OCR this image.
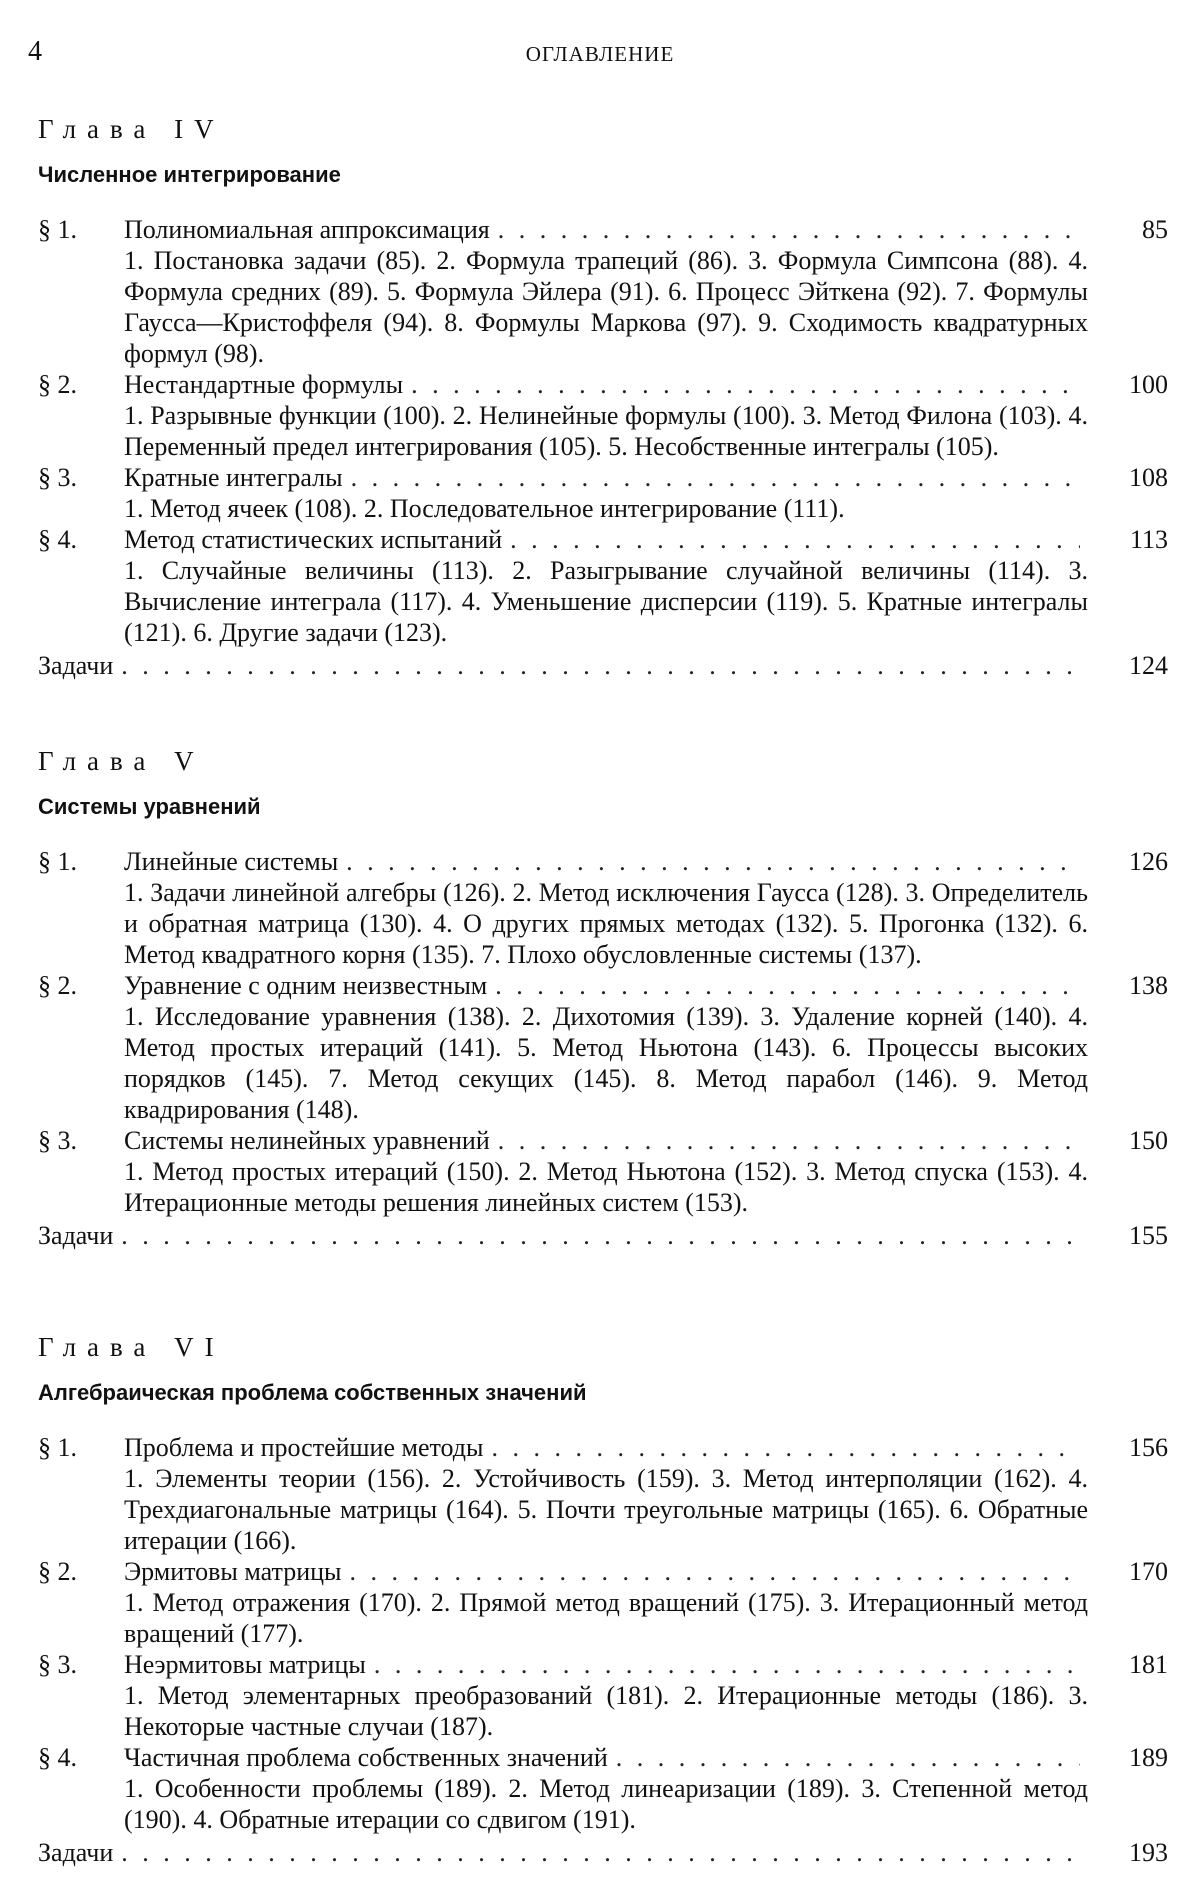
4	ОГЛАВЛЕНИЕ
Глава IV
Численное интегрирование
§ 1.	Полиномиальная аппроксимация . . .	85
1. Постановка задачи (85). 2. Формула трапеций (86). 3. Формула Симпсона (88). 4. Формула средних (89). 5. Формула Эйлера (91). 6. Процесс Эйткена (92). 7. Формулы Гаусса—Кристоффеля (94). 8. Формулы Маркова (97). 9. Сходимость квадратурных формул (98).
§ 2.	Нестандартные формулы . . .	100
1. Разрывные функции (100). 2. Нелинейные формулы (100). 3. Метод Филона (103). 4. Переменный предел интегрирования (105). 5. Несобственные интегралы (105).
§ 3.	Кратные интегралы . . .	108
1. Метод ячеек (108). 2. Последовательное интегрирование (111).
§ 4.	Метод статистических испытаний . . .	113
1. Случайные величины (113). 2. Разыгрывание случайной величины (114). 3. Вычисление интеграла (117). 4. Уменьшение дисперсии (119). 5. Кратные интегралы (121). 6. Другие задачи (123).
Задачи . . .	124
Глава V
Системы уравнений
§ 1.	Линейные системы . . .	126
1. Задачи линейной алгебры (126). 2. Метод исключения Гаусса (128). 3. Определитель и обратная матрица (130). 4. О других прямых методах (132). 5. Прогонка (132). 6. Метод квадратного корня (135). 7. Плохо обусловленные системы (137).
§ 2.	Уравнение с одним неизвестным . . .	138
1. Исследование уравнения (138). 2. Дихотомия (139). 3. Удаление корней (140). 4. Метод простых итераций (141). 5. Метод Ньютона (143). 6. Процессы высоких порядков (145). 7. Метод секущих (145). 8. Метод парабол (146). 9. Метод квадрирования (148).
§ 3.	Системы нелинейных уравнений . . .	150
1. Метод простых итераций (150). 2. Метод Ньютона (152). 3. Метод спуска (153). 4. Итерационные методы решения линейных систем (153).
Задачи . . .	155
Глава VI
Алгебраическая проблема собственных значений
§ 1.	Проблема и простейшие методы . . .	156
1. Элементы теории (156). 2. Устойчивость (159). 3. Метод интерполяции (162). 4. Трехдиагональные матрицы (164). 5. Почти треугольные матрицы (165). 6. Обратные итерации (166).
§ 2.	Эрмитовы матрицы . . .	170
1. Метод отражения (170). 2. Прямой метод вращений (175). 3. Итерационный метод вращений (177).
§ 3.	Неэрмитовы матрицы . . .	181
1. Метод элементарных преобразований (181). 2. Итерационные методы (186). 3. Некоторые частные случаи (187).
§ 4.	Частичная проблема собственных значений . . .	189
1. Особенности проблемы (189). 2. Метод линеаризации (189). 3. Степенной метод (190). 4. Обратные итерации со сдвигом (191).
Задачи . . .	193
